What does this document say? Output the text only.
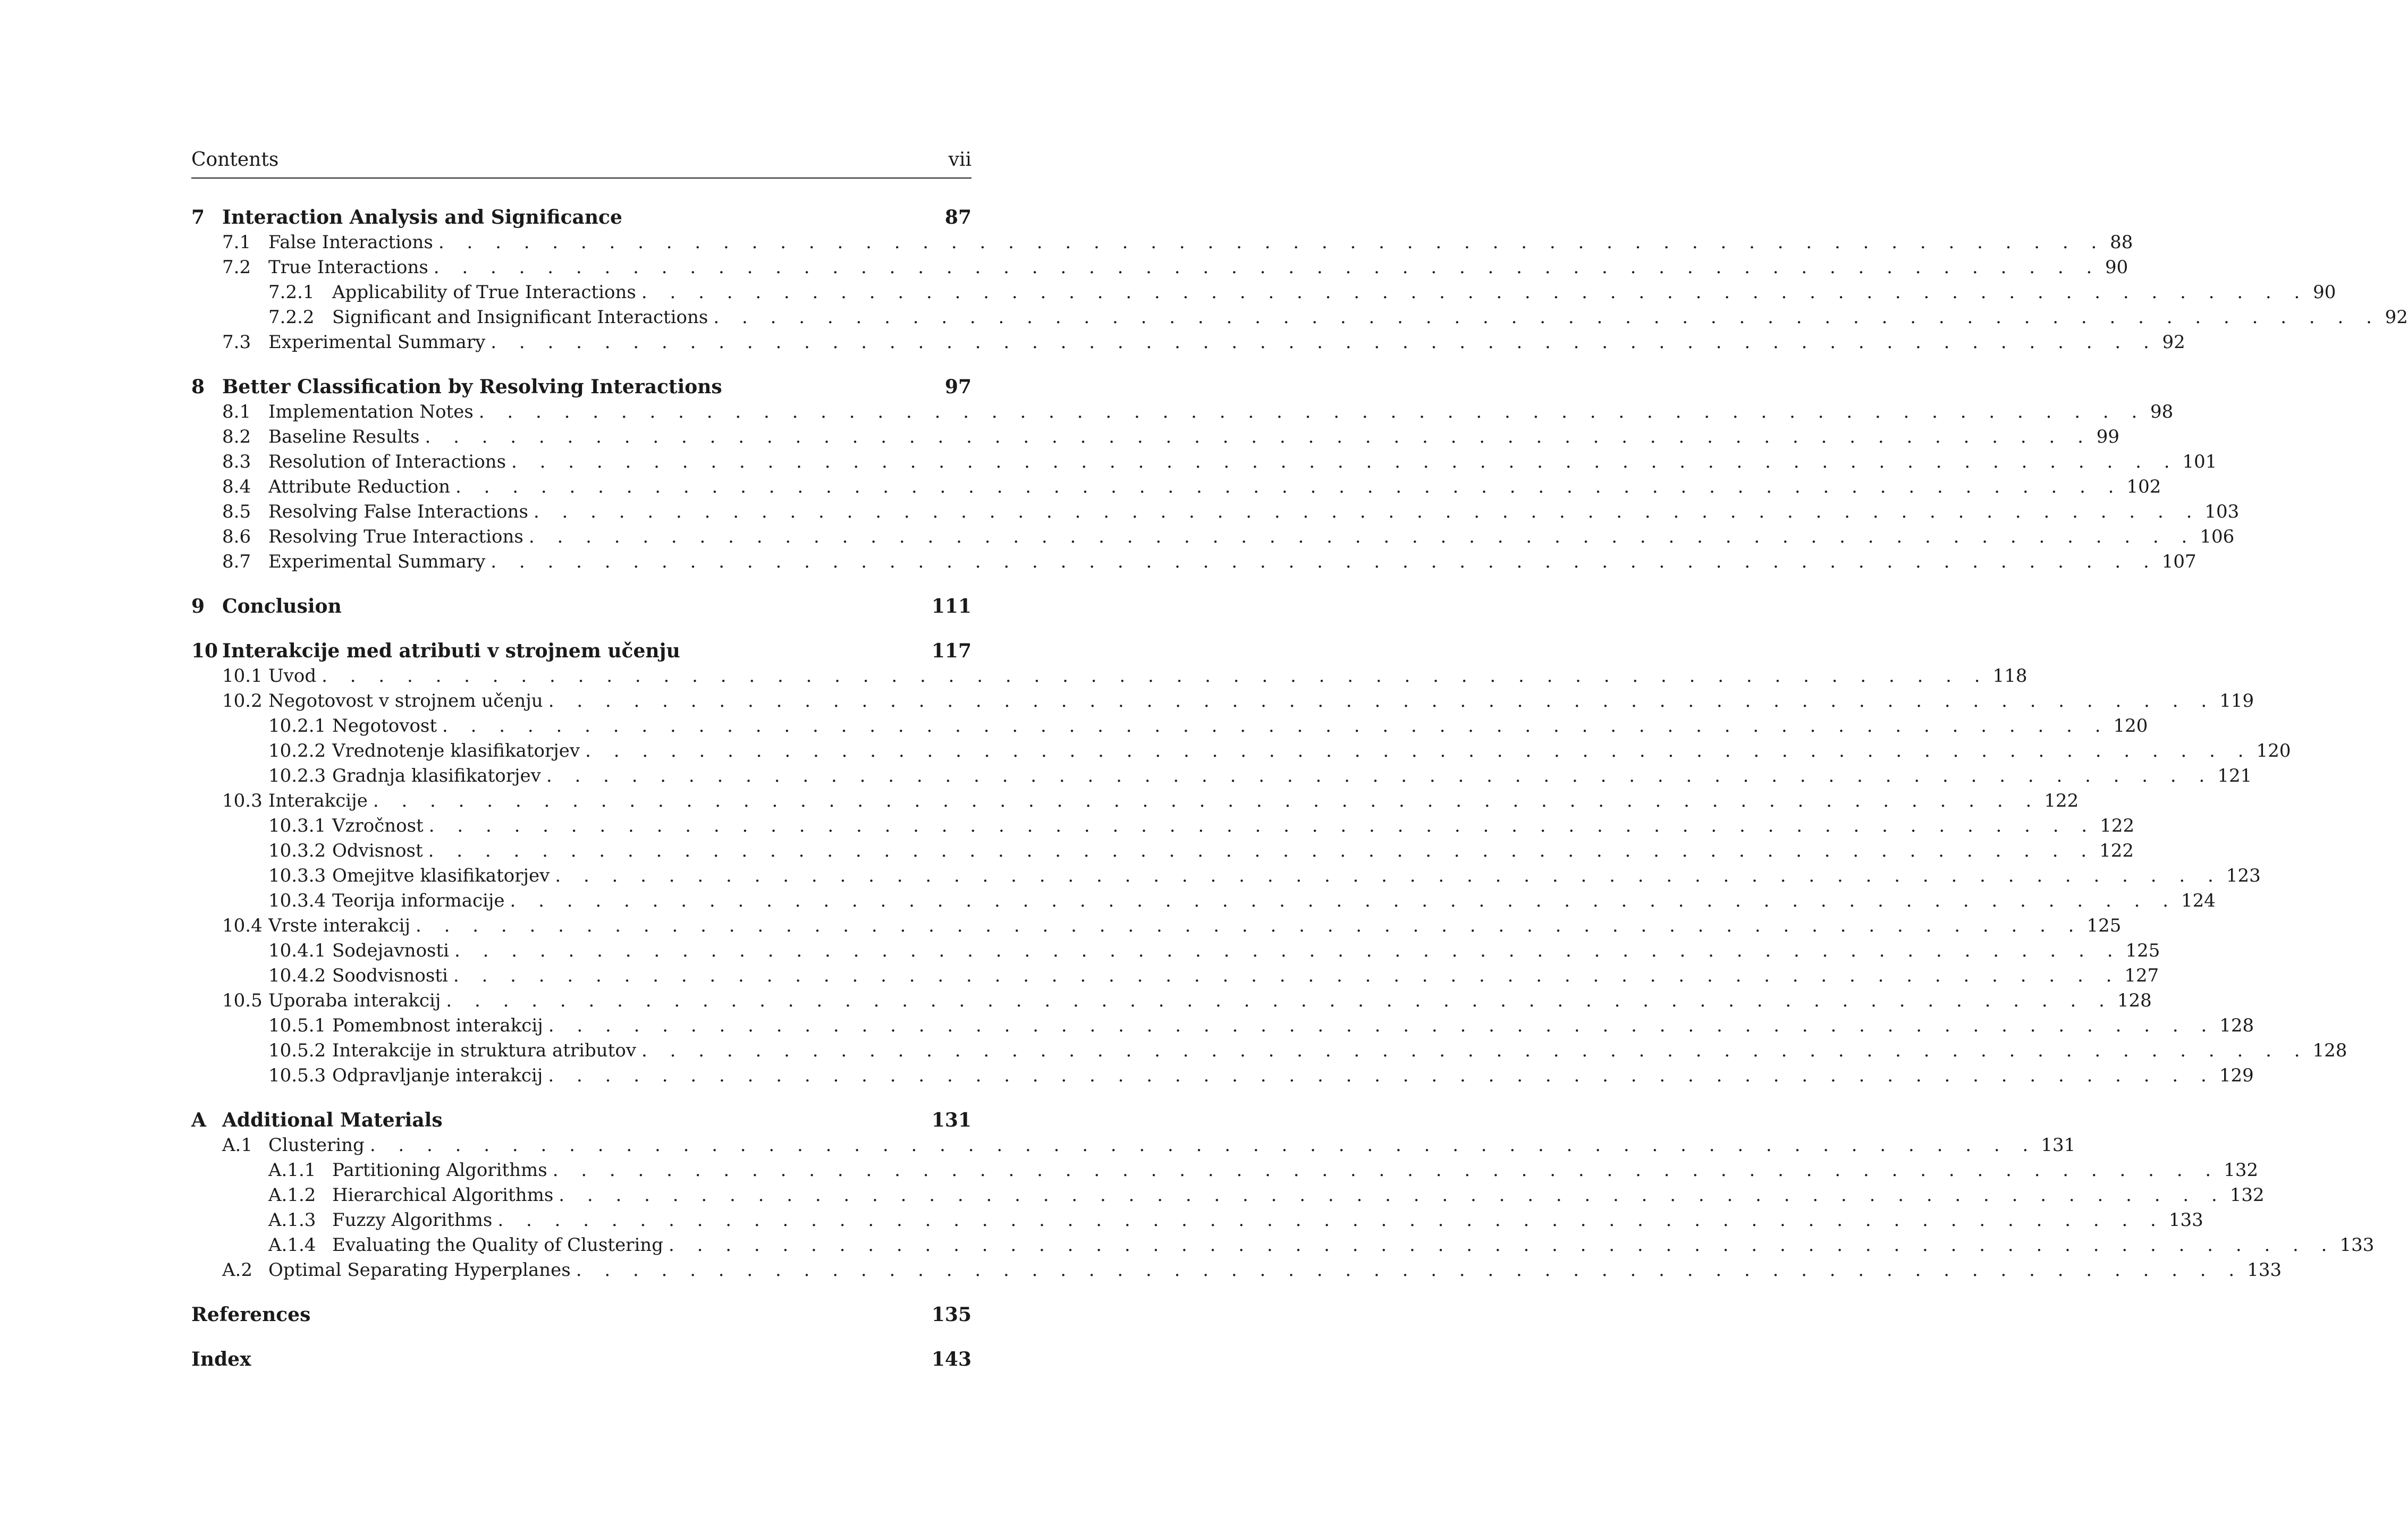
Contents	vii
7 Interaction Analysis and Significance	87
7.1 False Interactions . . . . . . . . . . . . . . . . . . . . . . . . . . . . . . . . . . . . . . . . . . . . . . . . . . . . . . . . . . . 88
7.2 True Interactions . . . . . . . . . . . . . . . . . . . . . . . . . . . . . . . . . . . . . . . . . . . . . . . . . . . . . . . . . . . 90
7.2.1 Applicability of True Interactions . . . . . . . . . . . . . . . . . . . . . . . . . . . . . . . . . . . . . . . . . . . . . . . . . . . . . . . . . . . 90
7.2.2 Significant and Insignificant Interactions . . . . . . . . . . . . . . . . . . . . . . . . . . . . . . . . . . . . . . . . . . . . . . . . . . . . . . . . . . . 92
7.3 Experimental Summary . . . . . . . . . . . . . . . . . . . . . . . . . . . . . . . . . . . . . . . . . . . . . . . . . . . . . . . . . . . 92
8 Better Classification by Resolving Interactions	97
8.1 Implementation Notes . . . . . . . . . . . . . . . . . . . . . . . . . . . . . . . . . . . . . . . . . . . . . . . . . . . . . . . . . . . 98
8.2 Baseline Results . . . . . . . . . . . . . . . . . . . . . . . . . . . . . . . . . . . . . . . . . . . . . . . . . . . . . . . . . . . 99
8.3 Resolution of Interactions . . . . . . . . . . . . . . . . . . . . . . . . . . . . . . . . . . . . . . . . . . . . . . . . . . . . . . . . . . . 101
8.4 Attribute Reduction . . . . . . . . . . . . . . . . . . . . . . . . . . . . . . . . . . . . . . . . . . . . . . . . . . . . . . . . . . . 102
8.5 Resolving False Interactions . . . . . . . . . . . . . . . . . . . . . . . . . . . . . . . . . . . . . . . . . . . . . . . . . . . . . . . . . . . 103
8.6 Resolving True Interactions . . . . . . . . . . . . . . . . . . . . . . . . . . . . . . . . . . . . . . . . . . . . . . . . . . . . . . . . . . . 106
8.7 Experimental Summary . . . . . . . . . . . . . . . . . . . . . . . . . . . . . . . . . . . . . . . . . . . . . . . . . . . . . . . . . . . 107
9 Conclusion	111
10 Interakcije med atributi v strojnem učenju	117
10.1 Uvod . . . . . . . . . . . . . . . . . . . . . . . . . . . . . . . . . . . . . . . . . . . . . . . . . . . . . . . . . . . 118
10.2 Negotovost v strojnem učenju . . . . . . . . . . . . . . . . . . . . . . . . . . . . . . . . . . . . . . . . . . . . . . . . . . . . . . . . . . . 119
10.2.1 Negotovost . . . . . . . . . . . . . . . . . . . . . . . . . . . . . . . . . . . . . . . . . . . . . . . . . . . . . . . . . . . 120
10.2.2 Vrednotenje klasifikatorjev . . . . . . . . . . . . . . . . . . . . . . . . . . . . . . . . . . . . . . . . . . . . . . . . . . . . . . . . . . . 120
10.2.3 Gradnja klasifikatorjev . . . . . . . . . . . . . . . . . . . . . . . . . . . . . . . . . . . . . . . . . . . . . . . . . . . . . . . . . . . 121
10.3 Interakcije . . . . . . . . . . . . . . . . . . . . . . . . . . . . . . . . . . . . . . . . . . . . . . . . . . . . . . . . . . . 122
10.3.1 Vzročnost . . . . . . . . . . . . . . . . . . . . . . . . . . . . . . . . . . . . . . . . . . . . . . . . . . . . . . . . . . . 122
10.3.2 Odvisnost . . . . . . . . . . . . . . . . . . . . . . . . . . . . . . . . . . . . . . . . . . . . . . . . . . . . . . . . . . . 122
10.3.3 Omejitve klasifikatorjev . . . . . . . . . . . . . . . . . . . . . . . . . . . . . . . . . . . . . . . . . . . . . . . . . . . . . . . . . . . 123
10.3.4 Teorija informacije . . . . . . . . . . . . . . . . . . . . . . . . . . . . . . . . . . . . . . . . . . . . . . . . . . . . . . . . . . . 124
10.4 Vrste interakcij . . . . . . . . . . . . . . . . . . . . . . . . . . . . . . . . . . . . . . . . . . . . . . . . . . . . . . . . . . . 125
10.4.1 Sodejavnosti . . . . . . . . . . . . . . . . . . . . . . . . . . . . . . . . . . . . . . . . . . . . . . . . . . . . . . . . . . . 125
10.4.2 Soodvisnosti . . . . . . . . . . . . . . . . . . . . . . . . . . . . . . . . . . . . . . . . . . . . . . . . . . . . . . . . . . . 127
10.5 Uporaba interakcij . . . . . . . . . . . . . . . . . . . . . . . . . . . . . . . . . . . . . . . . . . . . . . . . . . . . . . . . . . . 128
10.5.1 Pomembnost interakcij . . . . . . . . . . . . . . . . . . . . . . . . . . . . . . . . . . . . . . . . . . . . . . . . . . . . . . . . . . . 128
10.5.2 Interakcije in struktura atributov . . . . . . . . . . . . . . . . . . . . . . . . . . . . . . . . . . . . . . . . . . . . . . . . . . . . . . . . . . . 128
10.5.3 Odpravljanje interakcij . . . . . . . . . . . . . . . . . . . . . . . . . . . . . . . . . . . . . . . . . . . . . . . . . . . . . . . . . . . 129
A Additional Materials	131
A.1 Clustering . . . . . . . . . . . . . . . . . . . . . . . . . . . . . . . . . . . . . . . . . . . . . . . . . . . . . . . . . . . 131
A.1.1 Partitioning Algorithms . . . . . . . . . . . . . . . . . . . . . . . . . . . . . . . . . . . . . . . . . . . . . . . . . . . . . . . . . . . 132
A.1.2 Hierarchical Algorithms . . . . . . . . . . . . . . . . . . . . . . . . . . . . . . . . . . . . . . . . . . . . . . . . . . . . . . . . . . . 132
A.1.3 Fuzzy Algorithms . . . . . . . . . . . . . . . . . . . . . . . . . . . . . . . . . . . . . . . . . . . . . . . . . . . . . . . . . . . 133
A.1.4 Evaluating the Quality of Clustering . . . . . . . . . . . . . . . . . . . . . . . . . . . . . . . . . . . . . . . . . . . . . . . . . . . . . . . . . . . 133
A.2 Optimal Separating Hyperplanes . . . . . . . . . . . . . . . . . . . . . . . . . . . . . . . . . . . . . . . . . . . . . . . . . . . . . . . . . . . 133
References	135
Index	143
